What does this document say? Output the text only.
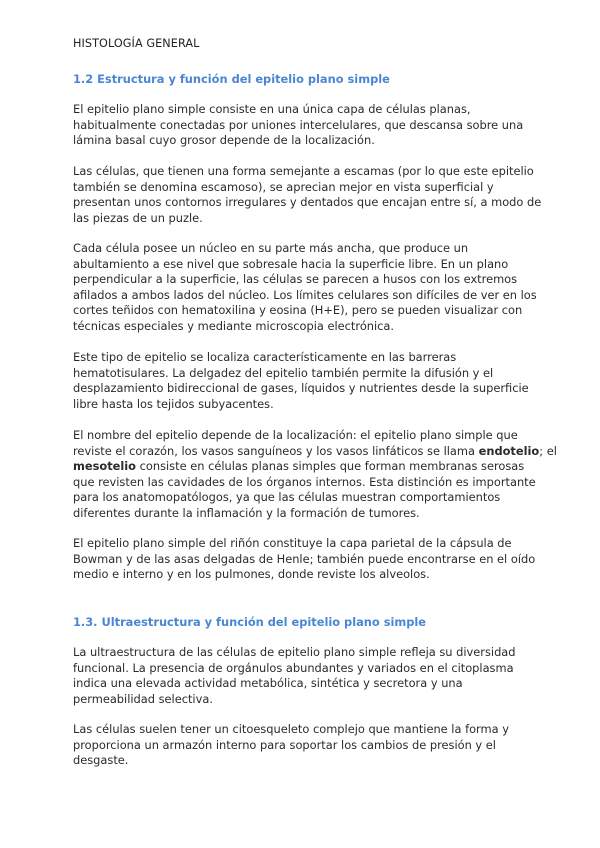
HISTOLOGÍA GENERAL
1.2 Estructura y función del epitelio plano simple
El epitelio plano simple consiste en una única capa de células planas,
habitualmente conectadas por uniones intercelulares, que descansa sobre una
lámina basal cuyo grosor depende de la localización.
Las células, que tienen una forma semejante a escamas (por lo que este epitelio
también se denomina escamoso), se aprecian mejor en vista superficial y
presentan unos contornos irregulares y dentados que encajan entre sí, a modo de
las piezas de un puzle.
Cada célula posee un núcleo en su parte más ancha, que produce un
abultamiento a ese nivel que sobresale hacia la superficie libre. En un plano
perpendicular a la superficie, las células se parecen a husos con los extremos
afilados a ambos lados del núcleo. Los límites celulares son difíciles de ver en los
cortes teñidos con hematoxilina y eosina (H+E), pero se pueden visualizar con
técnicas especiales y mediante microscopia electrónica.
Este tipo de epitelio se localiza característicamente en las barreras
hematotisulares. La delgadez del epitelio también permite la difusión y el
desplazamiento bidireccional de gases, líquidos y nutrientes desde la superficie
libre hasta los tejidos subyacentes.
El nombre del epitelio depende de la localización: el epitelio plano simple que
reviste el corazón, los vasos sanguíneos y los vasos linfáticos se llama endotelio; el
mesotelio consiste en células planas simples que forman membranas serosas
que revisten las cavidades de los órganos internos. Esta distinción es importante
para los anatomopatólogos, ya que las células muestran comportamientos
diferentes durante la inflamación y la formación de tumores.
El epitelio plano simple del riñón constituye la capa parietal de la cápsula de
Bowman y de las asas delgadas de Henle; también puede encontrarse en el oído
medio e interno y en los pulmones, donde reviste los alveolos.
1.3. Ultraestructura y función del epitelio plano simple
La ultraestructura de las células de epitelio plano simple refleja su diversidad
funcional. La presencia de orgánulos abundantes y variados en el citoplasma
indica una elevada actividad metabólica, sintética y secretora y una
permeabilidad selectiva.
Las células suelen tener un citoesqueleto complejo que mantiene la forma y
proporciona un armazón interno para soportar los cambios de presión y el
desgaste.
